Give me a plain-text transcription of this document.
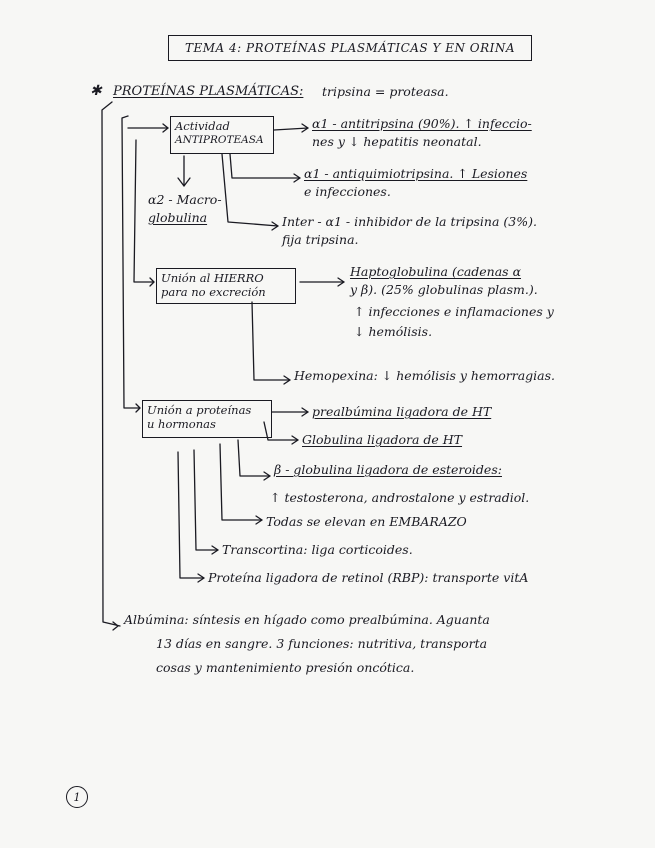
TEMA 4: PROTEÍNAS PLASMÁTICAS Y EN ORINA
✱ PROTEÍNAS PLASMÁTICAS: tripsina = proteasa.
Actividad
ANTIPROTEASA
α1 - antitripsina (90%). ↑ infeccio-
nes y ↓ hepatitis neonatal.
α1 - antiquimiotripsina. ↑ Lesiones
e infecciones.
Inter - α1 - inhibidor de la tripsina (3%).
fija tripsina.
α2 - Macro-
globulina
Unión al HIERRO
para no excreción
Haptoglobulina (cadenas α
y β). (25% globulinas plasm.).
↑ infecciones e inflamaciones y
↓ hemólisis.
Hemopexina: ↓ hemólisis y hemorragias.
Unión a proteínas
u hormonas
prealbúmina ligadora de HT
Globulina ligadora de HT
β - globulina ligadora de esteroides:
↑ testosterona, androstalone y estradiol.
Todas se elevan en EMBARAZO
Transcortina: liga corticoides.
Proteína ligadora de retinol (RBP): transporte vitA
Albúmina: síntesis en hígado como prealbúmina. Aguanta
13 días en sangre. 3 funciones: nutritiva, transporta
cosas y mantenimiento presión oncótica.
1
